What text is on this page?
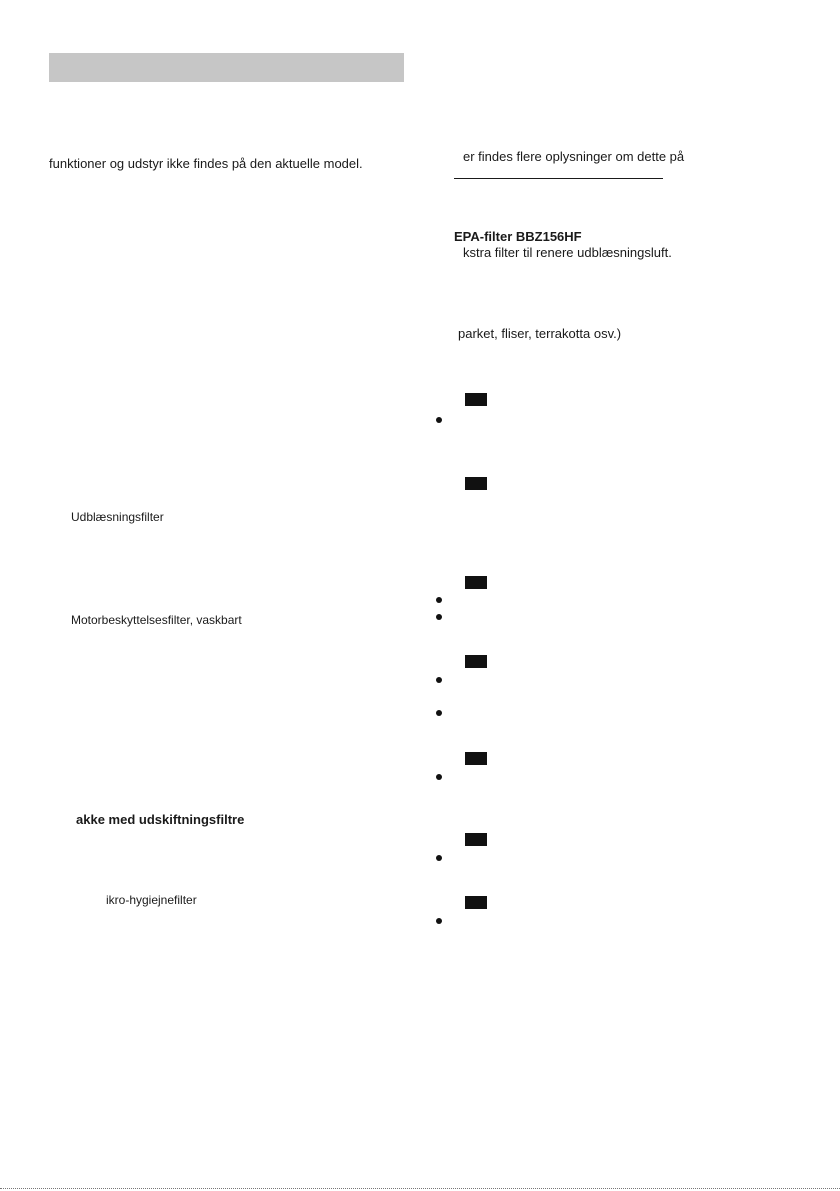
funktioner og udstyr ikke findes på den aktuelle model.
Udblæsningsfilter
Motorbeskyttelsesfilter, vaskbart
akke med udskiftningsfiltre
ikro-hygiejnefilter
er findes flere oplysninger om dette på
EPA-filter BBZ156HF
kstra filter til renere udblæsningsluft.
parket, fliser, terrakotta osv.)
